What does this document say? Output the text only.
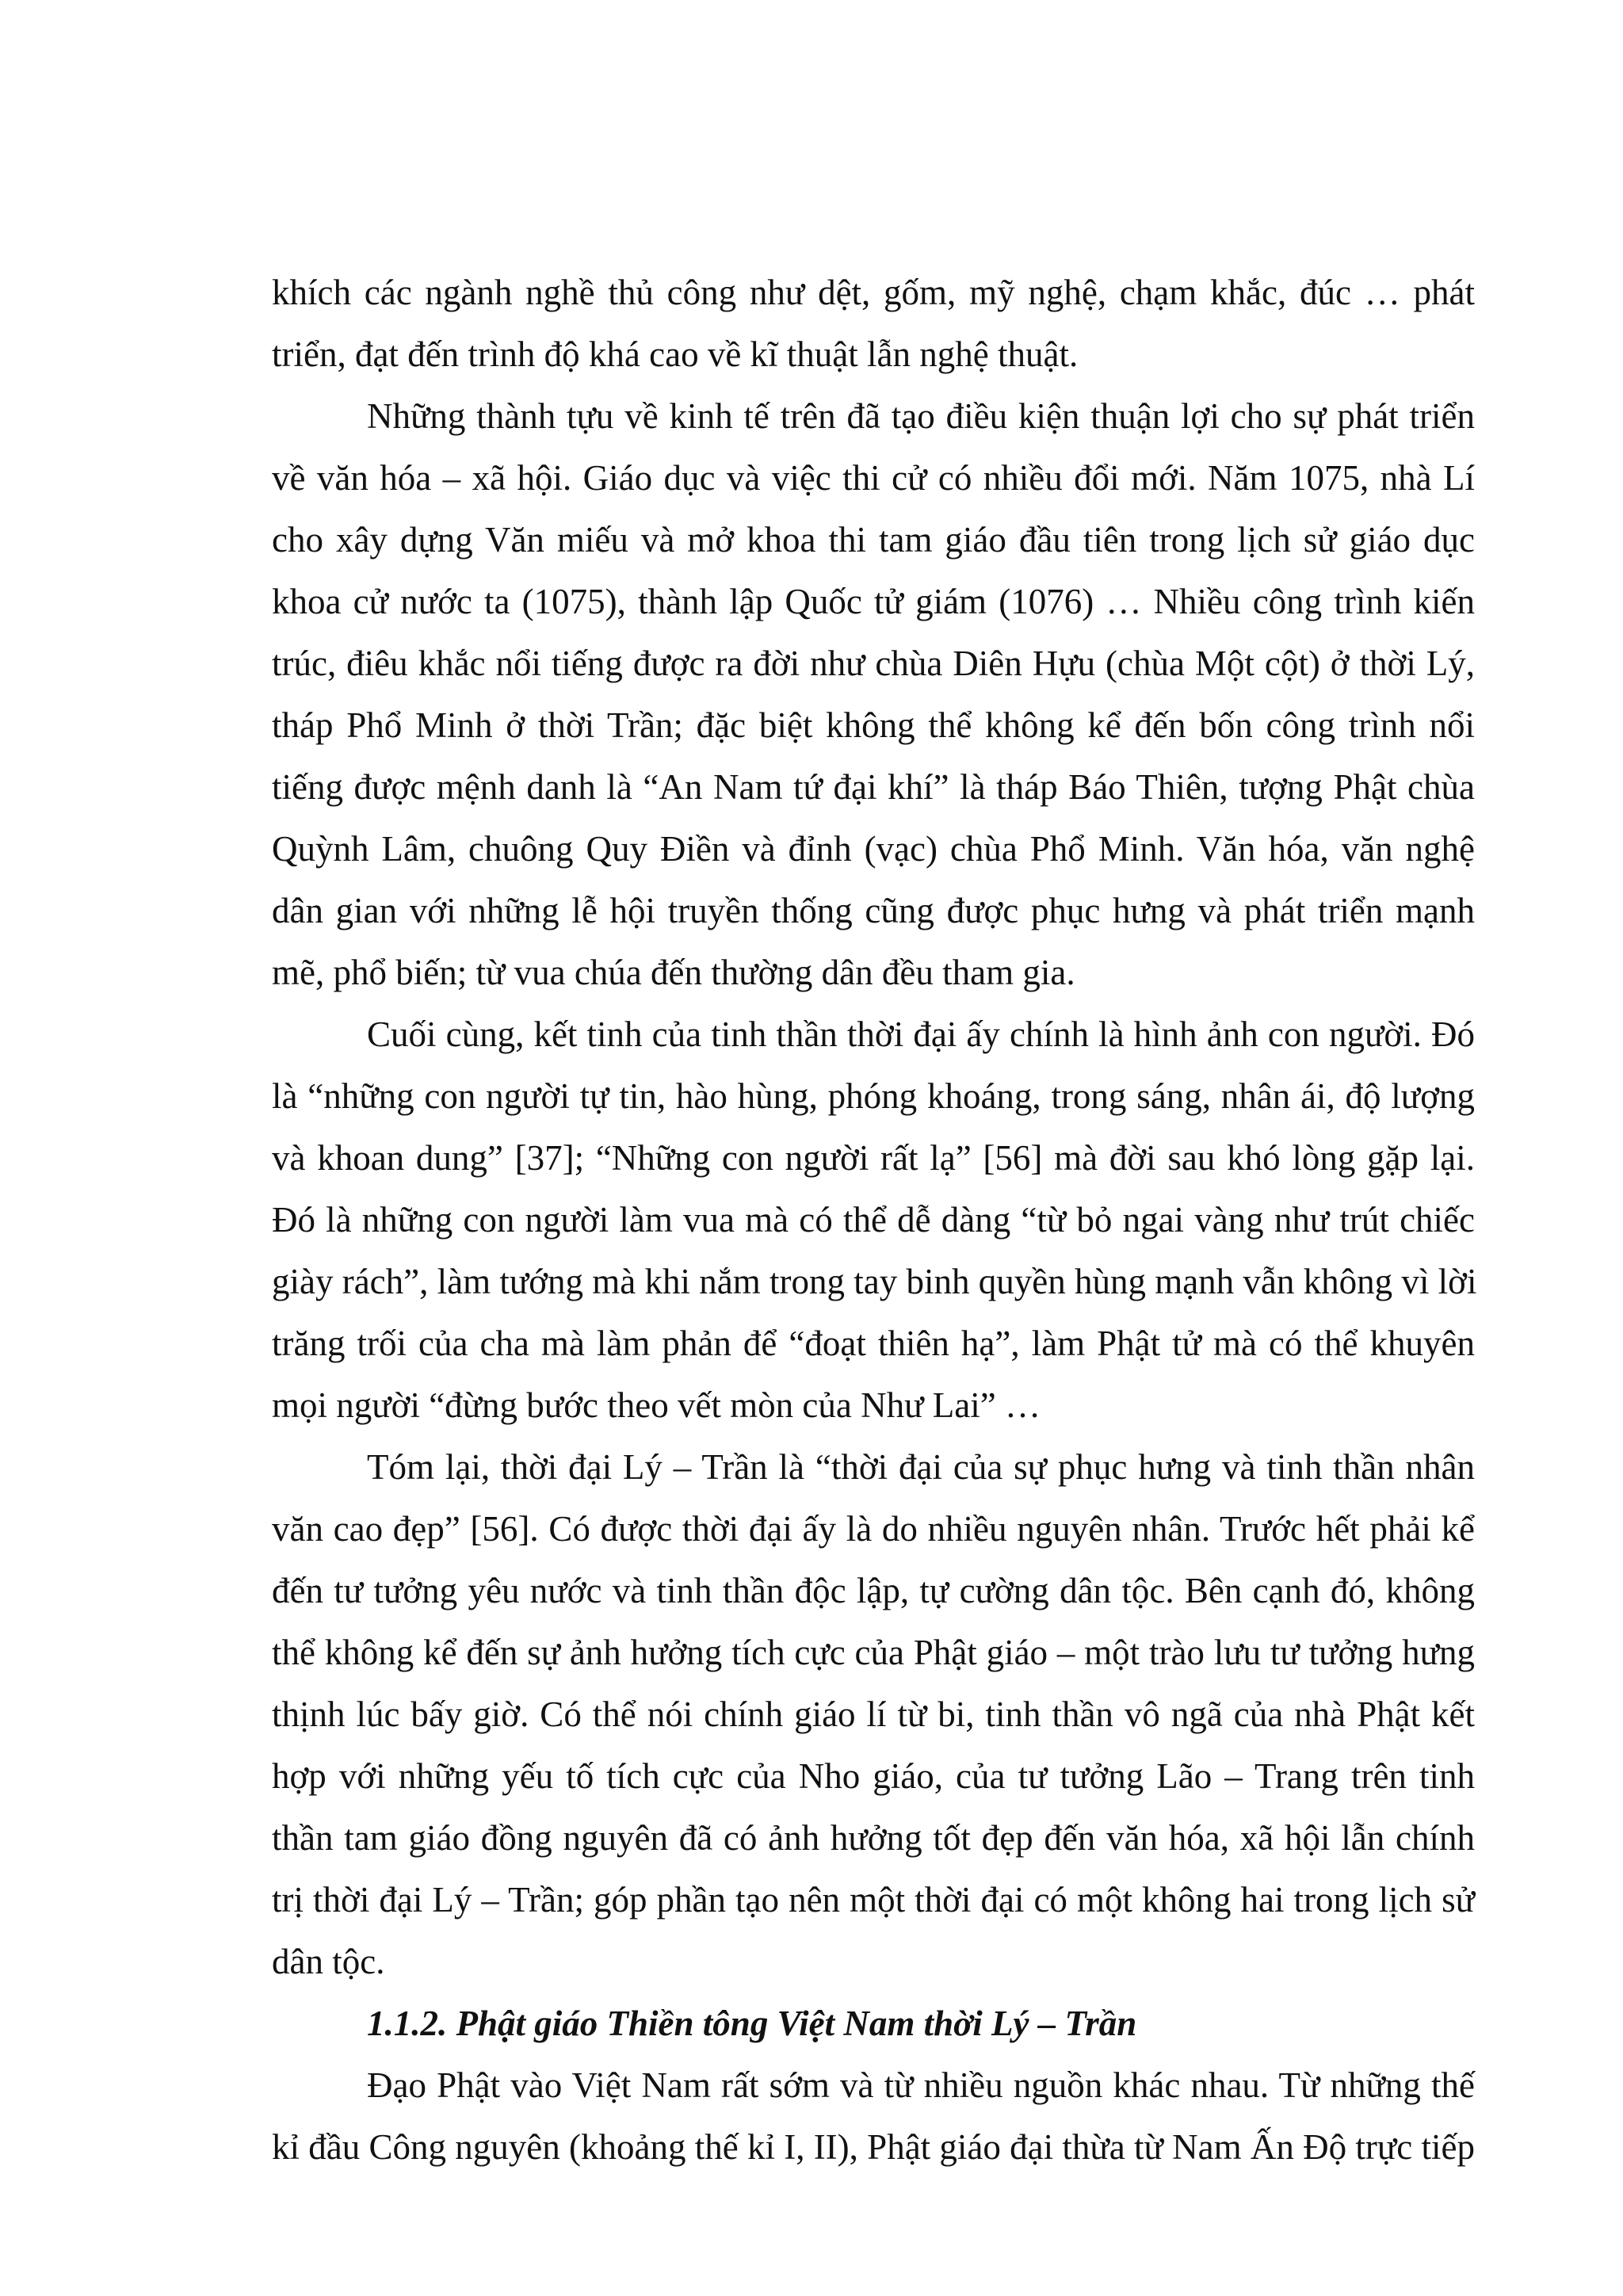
khích các ngành nghề thủ công như dệt, gốm, mỹ nghệ, chạm khắc, đúc … phát
triển, đạt đến trình độ khá cao về kĩ thuật lẫn nghệ thuật.
Những thành tựu về kinh tế trên đã tạo điều kiện thuận lợi cho sự phát triển
về văn hóa – xã hội. Giáo dục và việc thi cử có nhiều đổi mới. Năm 1075, nhà Lí
cho xây dựng Văn miếu và mở khoa thi tam giáo đầu tiên trong lịch sử giáo dục
khoa cử nước ta (1075), thành lập Quốc tử giám (1076) … Nhiều công trình kiến
trúc, điêu khắc nổi tiếng được ra đời như chùa Diên Hựu (chùa Một cột) ở thời Lý,
tháp Phổ Minh ở thời Trần; đặc biệt không thể không kể đến bốn công trình nổi
tiếng được mệnh danh là “An Nam tứ đại khí” là tháp Báo Thiên, tượng Phật chùa
Quỳnh Lâm, chuông Quy Điền và đỉnh (vạc) chùa Phổ Minh. Văn hóa, văn nghệ
dân gian với những lễ hội truyền thống cũng được phục hưng và phát triển mạnh
mẽ, phổ biến; từ vua chúa đến thường dân đều tham gia.
Cuối cùng, kết tinh của tinh thần thời đại ấy chính là hình ảnh con người. Đó
là “những con người tự tin, hào hùng, phóng khoáng, trong sáng, nhân ái, độ lượng
và khoan dung” [37]; “Những con người rất lạ” [56] mà đời sau khó lòng gặp lại.
Đó là những con người làm vua mà có thể dễ dàng “từ bỏ ngai vàng như trút chiếc
giày rách”, làm tướng mà khi nắm trong tay binh quyền hùng mạnh vẫn không vì lời
trăng trối của cha mà làm phản để “đoạt thiên hạ”, làm Phật tử mà có thể khuyên
mọi người “đừng bước theo vết mòn của Như Lai” …
Tóm lại, thời đại Lý – Trần là “thời đại của sự phục hưng và tinh thần nhân
văn cao đẹp” [56]. Có được thời đại ấy là do nhiều nguyên nhân. Trước hết phải kể
đến tư tưởng yêu nước và tinh thần độc lập, tự cường dân tộc. Bên cạnh đó, không
thể không kể đến sự ảnh hưởng tích cực của Phật giáo – một trào lưu tư tưởng hưng
thịnh lúc bấy giờ. Có thể nói chính giáo lí từ bi, tinh thần vô ngã của nhà Phật kết
hợp với những yếu tố tích cực của Nho giáo, của tư tưởng Lão – Trang trên tinh
thần tam giáo đồng nguyên đã có ảnh hưởng tốt đẹp đến văn hóa, xã hội lẫn chính
trị thời đại Lý – Trần; góp phần tạo nên một thời đại có một không hai trong lịch sử
dân tộc.
1.1.2. Phật giáo Thiền tông Việt Nam thời Lý – Trần
Đạo Phật vào Việt Nam rất sớm và từ nhiều nguồn khác nhau. Từ những thế
kỉ đầu Công nguyên (khoảng thế kỉ I, II), Phật giáo đại thừa từ Nam Ấn Độ trực tiếp
